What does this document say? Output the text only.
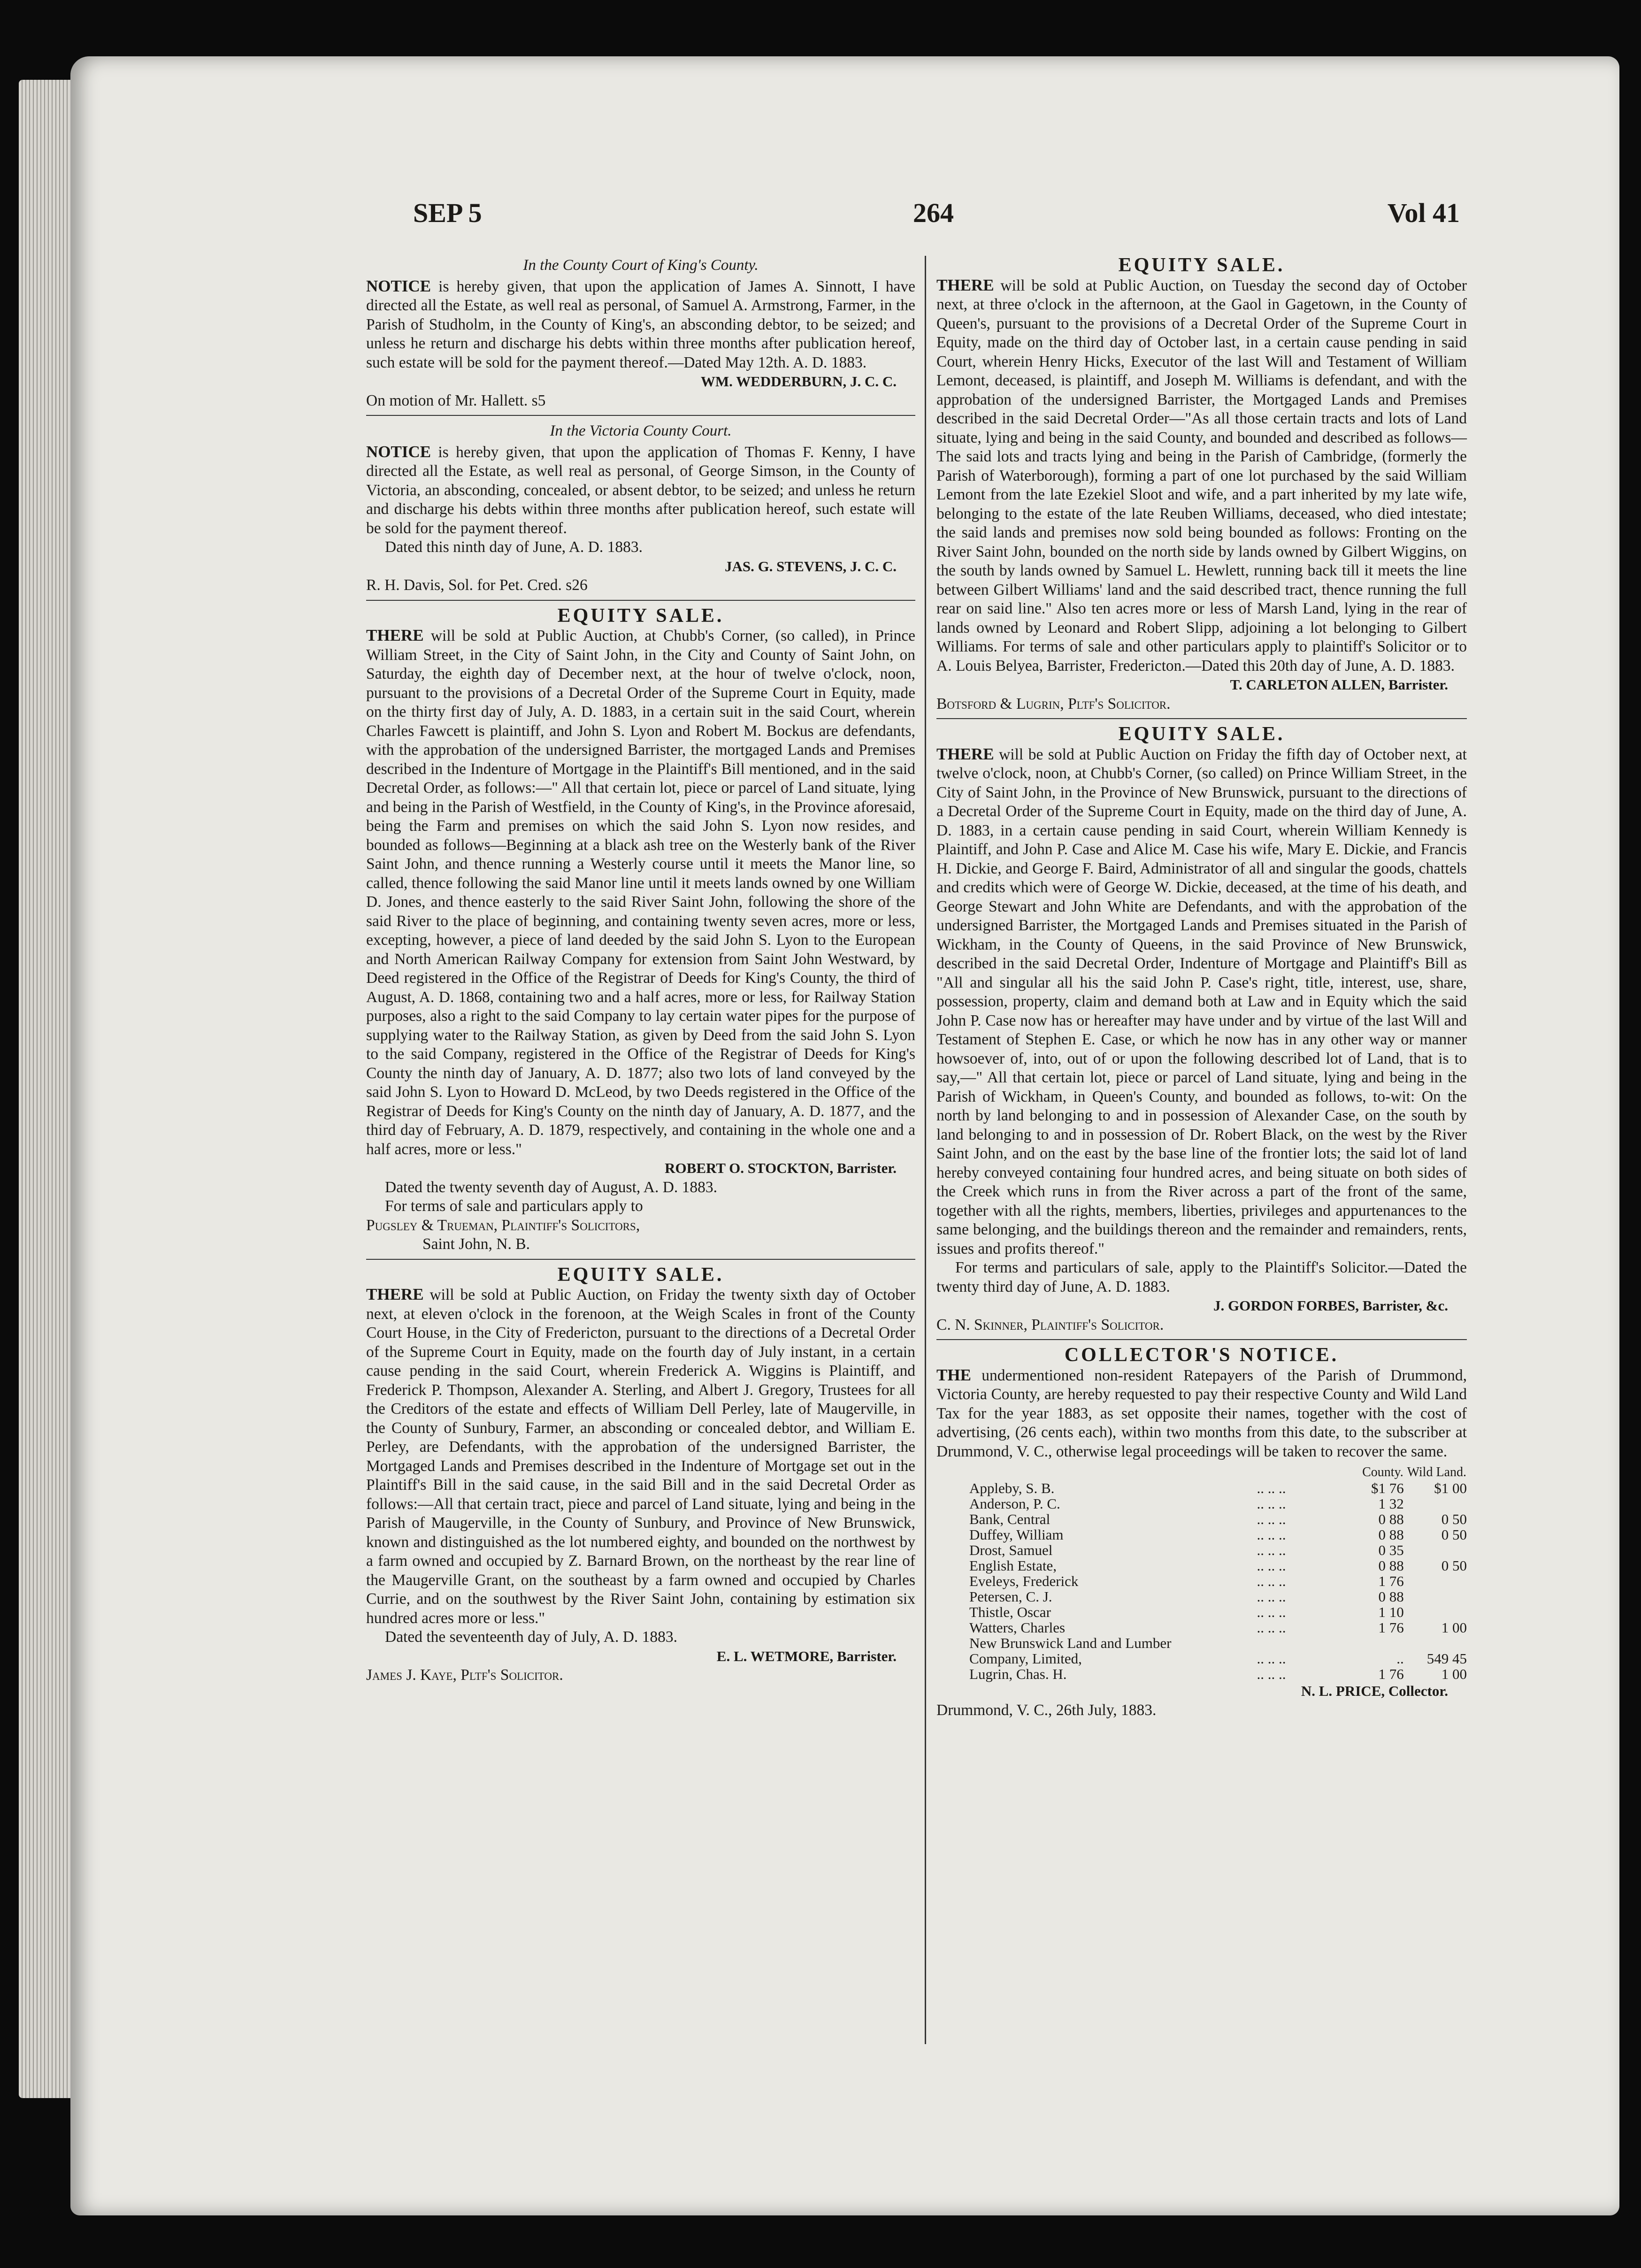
SEP 5	264	Vol 41
In the County Court of King's County.

NOTICE is hereby given, that upon the application of James A. Sinnott, I have directed all the Estate, as well real as personal, of Samuel A. Armstrong, Farmer, in the Parish of Studholm, in the County of King's, an absconding debtor, to be seized; and unless he return and discharge his debts within three months after publication hereof, such estate will be sold for the payment thereof.—Dated May 12th. A. D. 1883.

WM. WEDDERBURN, J. C. C.

On motion of Mr. Hallett. s5

In the Victoria County Court.

NOTICE is hereby given, that upon the application of Thomas F. Kenny, I have directed all the Estate, as well real as personal, of George Simson, in the County of Victoria, an absconding, concealed, or absent debtor, to be seized; and unless he return and discharge his debts within three months after publication hereof, such estate will be sold for the payment thereof.

Dated this ninth day of June, A. D. 1883.

JAS. G. STEVENS, J. C. C.

R. H. Davis, Sol. for Pet. Cred. s26

EQUITY SALE.

THERE will be sold at Public Auction, at Chubb's Corner, (so called), in Prince William Street, in the City of Saint John, in the City and County of Saint John, on Saturday, the eighth day of December next, at the hour of twelve o'clock, noon, pursuant to the provisions of a Decretal Order of the Supreme Court in Equity, made on the thirty first day of July, A. D. 1883, in a certain suit in the said Court, wherein Charles Fawcett is plaintiff, and John S. Lyon and Robert M. Bockus are defendants, with the approbation of the undersigned Barrister, the mortgaged Lands and Premises described in the Indenture of Mortgage in the Plaintiff's Bill mentioned, and in the said Decretal Order, as follows:—" All that certain lot, piece or parcel of Land situate, lying and being in the Parish of Westfield, in the County of King's, in the Province aforesaid, being the Farm and premises on which the said John S. Lyon now resides, and bounded as follows—Beginning at a black ash tree on the Westerly bank of the River Saint John, and thence running a Westerly course until it meets the Manor line, so called, thence following the said Manor line until it meets lands owned by one William D. Jones, and thence easterly to the said River Saint John, following the shore of the said River to the place of beginning, and containing twenty seven acres, more or less, excepting, however, a piece of land deeded by the said John S. Lyon to the European and North American Railway Company for extension from Saint John Westward, by Deed registered in the Office of the Registrar of Deeds for King's County, the third of August, A. D. 1868, containing two and a half acres, more or less, for Railway Station purposes, also a right to the said Company to lay certain water pipes for the purpose of supplying water to the Railway Station, as given by Deed from the said John S. Lyon to the said Company, registered in the Office of the Registrar of Deeds for King's County the ninth day of January, A. D. 1877; also two lots of land conveyed by the said John S. Lyon to Howard D. McLeod, by two Deeds registered in the Office of the Registrar of Deeds for King's County on the ninth day of January, A. D. 1877, and the third day of February, A. D. 1879, respectively, and containing in the whole one and a half acres, more or less."

ROBERT O. STOCKTON, Barrister.

Dated the twenty seventh day of August, A. D. 1883.

For terms of sale and particulars apply to

Pugsley & Trueman, Plaintiff's Solicitors,

Saint John, N. B.

EQUITY SALE.

THERE will be sold at Public Auction, on Friday the twenty sixth day of October next, at eleven o'clock in the forenoon, at the Weigh Scales in front of the County Court House, in the City of Fredericton, pursuant to the directions of a Decretal Order of the Supreme Court in Equity, made on the fourth day of July instant, in a certain cause pending in the said Court, wherein Frederick A. Wiggins is Plaintiff, and Frederick P. Thompson, Alexander A. Sterling, and Albert J. Gregory, Trustees for all the Creditors of the estate and effects of William Dell Perley, late of Maugerville, in the County of Sunbury, Farmer, an absconding or concealed debtor, and William E. Perley, are Defendants, with the approbation of the undersigned Barrister, the Mortgaged Lands and Premises described in the Indenture of Mortgage set out in the Plaintiff's Bill in the said cause, in the said Bill and in the said Decretal Order as follows:—All that certain tract, piece and parcel of Land situate, lying and being in the Parish of Maugerville, in the County of Sunbury, and Province of New Brunswick, known and distinguished as the lot numbered eighty, and bounded on the northwest by a farm owned and occupied by Z. Barnard Brown, on the northeast by the rear line of the Maugerville Grant, on the southeast by a farm owned and occupied by Charles Currie, and on the southwest by the River Saint John, containing by estimation six hundred acres more or less."

Dated the seventeenth day of July, A. D. 1883.

E. L. WETMORE, Barrister.

James J. Kaye, Pltf's Solicitor.

EQUITY SALE.

THERE will be sold at Public Auction, on Tuesday the second day of October next, at three o'clock in the afternoon, at the Gaol in Gagetown, in the County of Queen's, pursuant to the provisions of a Decretal Order of the Supreme Court in Equity, made on the third day of October last, in a certain cause pending in said Court, wherein Henry Hicks, Executor of the last Will and Testament of William Lemont, deceased, is plaintiff, and Joseph M. Williams is defendant, and with the approbation of the undersigned Barrister, the Mortgaged Lands and Premises described in the said Decretal Order—"As all those certain tracts and lots of Land situate, lying and being in the said County, and bounded and described as follows—The said lots and tracts lying and being in the Parish of Cambridge, (formerly the Parish of Waterborough), forming a part of one lot purchased by the said William Lemont from the late Ezekiel Sloot and wife, and a part inherited by my late wife, belonging to the estate of the late Reuben Williams, deceased, who died intestate; the said lands and premises now sold being bounded as follows: Fronting on the River Saint John, bounded on the north side by lands owned by Gilbert Wiggins, on the south by lands owned by Samuel L. Hewlett, running back till it meets the line between Gilbert Williams' land and the said described tract, thence running the full rear on said line." Also ten acres more or less of Marsh Land, lying in the rear of lands owned by Leonard and Robert Slipp, adjoining a lot belonging to Gilbert Williams. For terms of sale and other particulars apply to plaintiff's Solicitor or to A. Louis Belyea, Barrister, Fredericton.—Dated this 20th day of June, A. D. 1883.

T. CARLETON ALLEN, Barrister.

Botsford & Lugrin, Pltf's Solicitor.

EQUITY SALE.

THERE will be sold at Public Auction on Friday the fifth day of October next, at twelve o'clock, noon, at Chubb's Corner, (so called) on Prince William Street, in the City of Saint John, in the Province of New Brunswick, pursuant to the directions of a Decretal Order of the Supreme Court in Equity, made on the third day of June, A. D. 1883, in a certain cause pending in said Court, wherein William Kennedy is Plaintiff, and John P. Case and Alice M. Case his wife, Mary E. Dickie, and Francis H. Dickie, and George F. Baird, Administrator of all and singular the goods, chattels and credits which were of George W. Dickie, deceased, at the time of his death, and George Stewart and John White are Defendants, and with the approbation of the undersigned Barrister, the Mortgaged Lands and Premises situated in the Parish of Wickham, in the County of Queens, in the said Province of New Brunswick, described in the said Decretal Order, Indenture of Mortgage and Plaintiff's Bill as "All and singular all his the said John P. Case's right, title, interest, use, share, possession, property, claim and demand both at Law and in Equity which the said John P. Case now has or hereafter may have under and by virtue of the last Will and Testament of Stephen E. Case, or which he now has in any other way or manner howsoever of, into, out of or upon the following described lot of Land, that is to say,—" All that certain lot, piece or parcel of Land situate, lying and being in the Parish of Wickham, in Queen's County, and bounded as follows, to-wit: On the north by land belonging to and in possession of Alexander Case, on the south by land belonging to and in possession of Dr. Robert Black, on the west by the River Saint John, and on the east by the base line of the frontier lots; the said lot of land hereby conveyed containing four hundred acres, and being situate on both sides of the Creek which runs in from the River across a part of the front of the same, together with all the rights, members, liberties, privileges and appurtenances to the same belonging, and the buildings thereon and the remainder and remainders, rents, issues and profits thereof."

For terms and particulars of sale, apply to the Plaintiff's Solicitor.—Dated the twenty third day of June, A. D. 1883.

J. GORDON FORBES, Barrister, &c.

C. N. Skinner, Plaintiff's Solicitor.

COLLECTOR'S NOTICE.

THE undermentioned non-resident Ratepayers of the Parish of Drummond, Victoria County, are hereby requested to pay their respective County and Wild Land Tax for the year 1883, as set opposite their names, together with the cost of advertising, (26 cents each), within two months from this date, to the subscriber at Drummond, V. C., otherwise legal proceedings will be taken to recover the same.

		County.	Wild Land.
Appleby, S. B.	.. .. ..	$1 76	$1 00
Anderson, P. C.	.. .. ..	1 32	
Bank, Central	.. .. ..	0 88	0 50
Duffey, William	.. .. ..	0 88	0 50
Drost, Samuel	.. .. ..	0 35	
English Estate,	.. .. ..	0 88	0 50
Eveleys, Frederick	.. .. ..	1 76	
Petersen, C. J.	.. .. ..	0 88	
Thistle, Oscar	.. .. ..	1 10	
Watters, Charles	.. .. ..	1 76	1 00
New Brunswick Land and Lumber			
Company, Limited,	.. .. ..	..	549 45
Lugrin, Chas. H.	.. .. ..	1 76	1 00
N. L. PRICE, Collector.

Drummond, V. C., 26th July, 1883.
